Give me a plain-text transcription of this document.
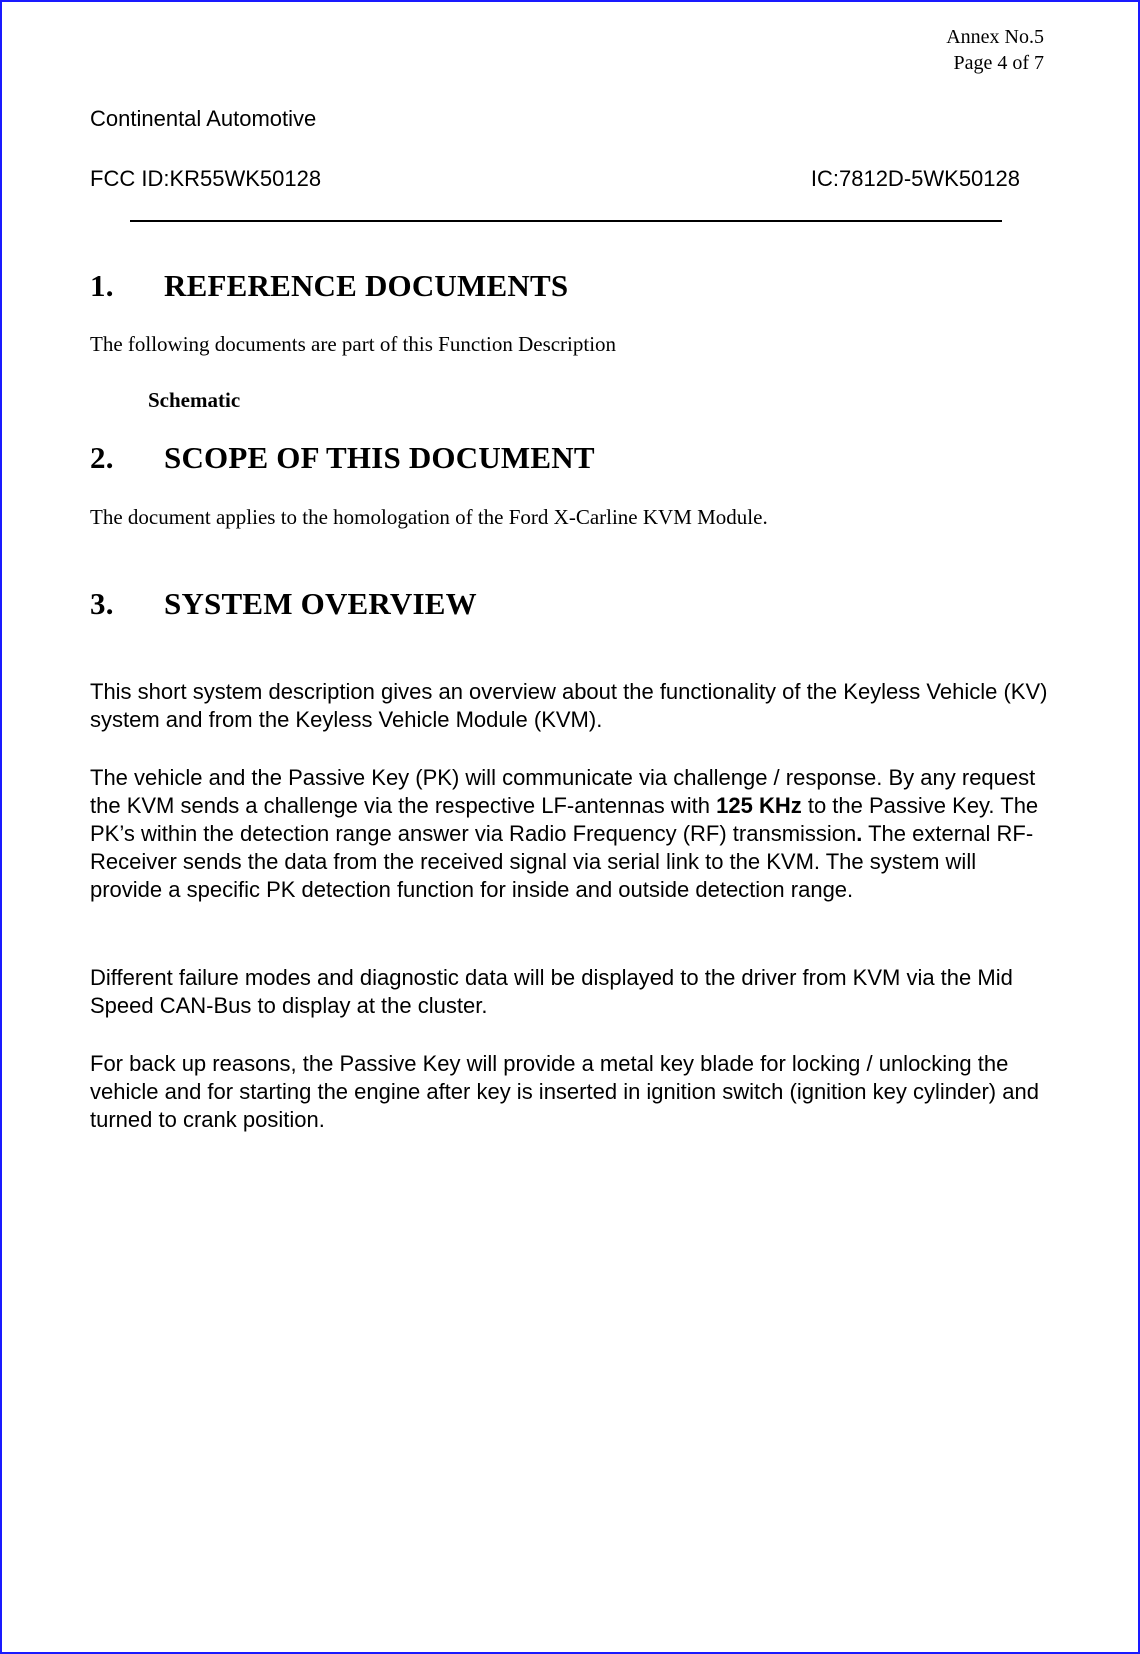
Annex No.5
Page 4 of 7
Continental Automotive
FCC ID:KR55WK50128	IC:7812D-5WK50128
1. REFERENCE DOCUMENTS
The following documents are part of this Function Description
Schematic
2. SCOPE OF THIS DOCUMENT
The document applies to the homologation of the Ford X-Carline KVM Module.
3. SYSTEM OVERVIEW

This short system description gives an overview about the functionality of the Keyless Vehicle (KV) system and from the Keyless Vehicle Module (KVM).

The vehicle and the Passive Key (PK) will communicate via challenge / response. By any request the KVM sends a challenge via the respective LF-antennas with 125 KHz to the Passive Key. The PK’s within the detection range answer via Radio Frequency (RF) transmission. The external RF-Receiver sends the data from the received signal via serial link to the KVM. The system will provide a specific PK detection function for inside and outside detection range.

Different failure modes and diagnostic data will be displayed to the driver from KVM via the Mid Speed CAN-Bus to display at the cluster.

For back up reasons, the Passive Key will provide a metal key blade for locking / unlocking the vehicle and for starting the engine after key is inserted in ignition switch (ignition key cylinder) and turned to crank position.
